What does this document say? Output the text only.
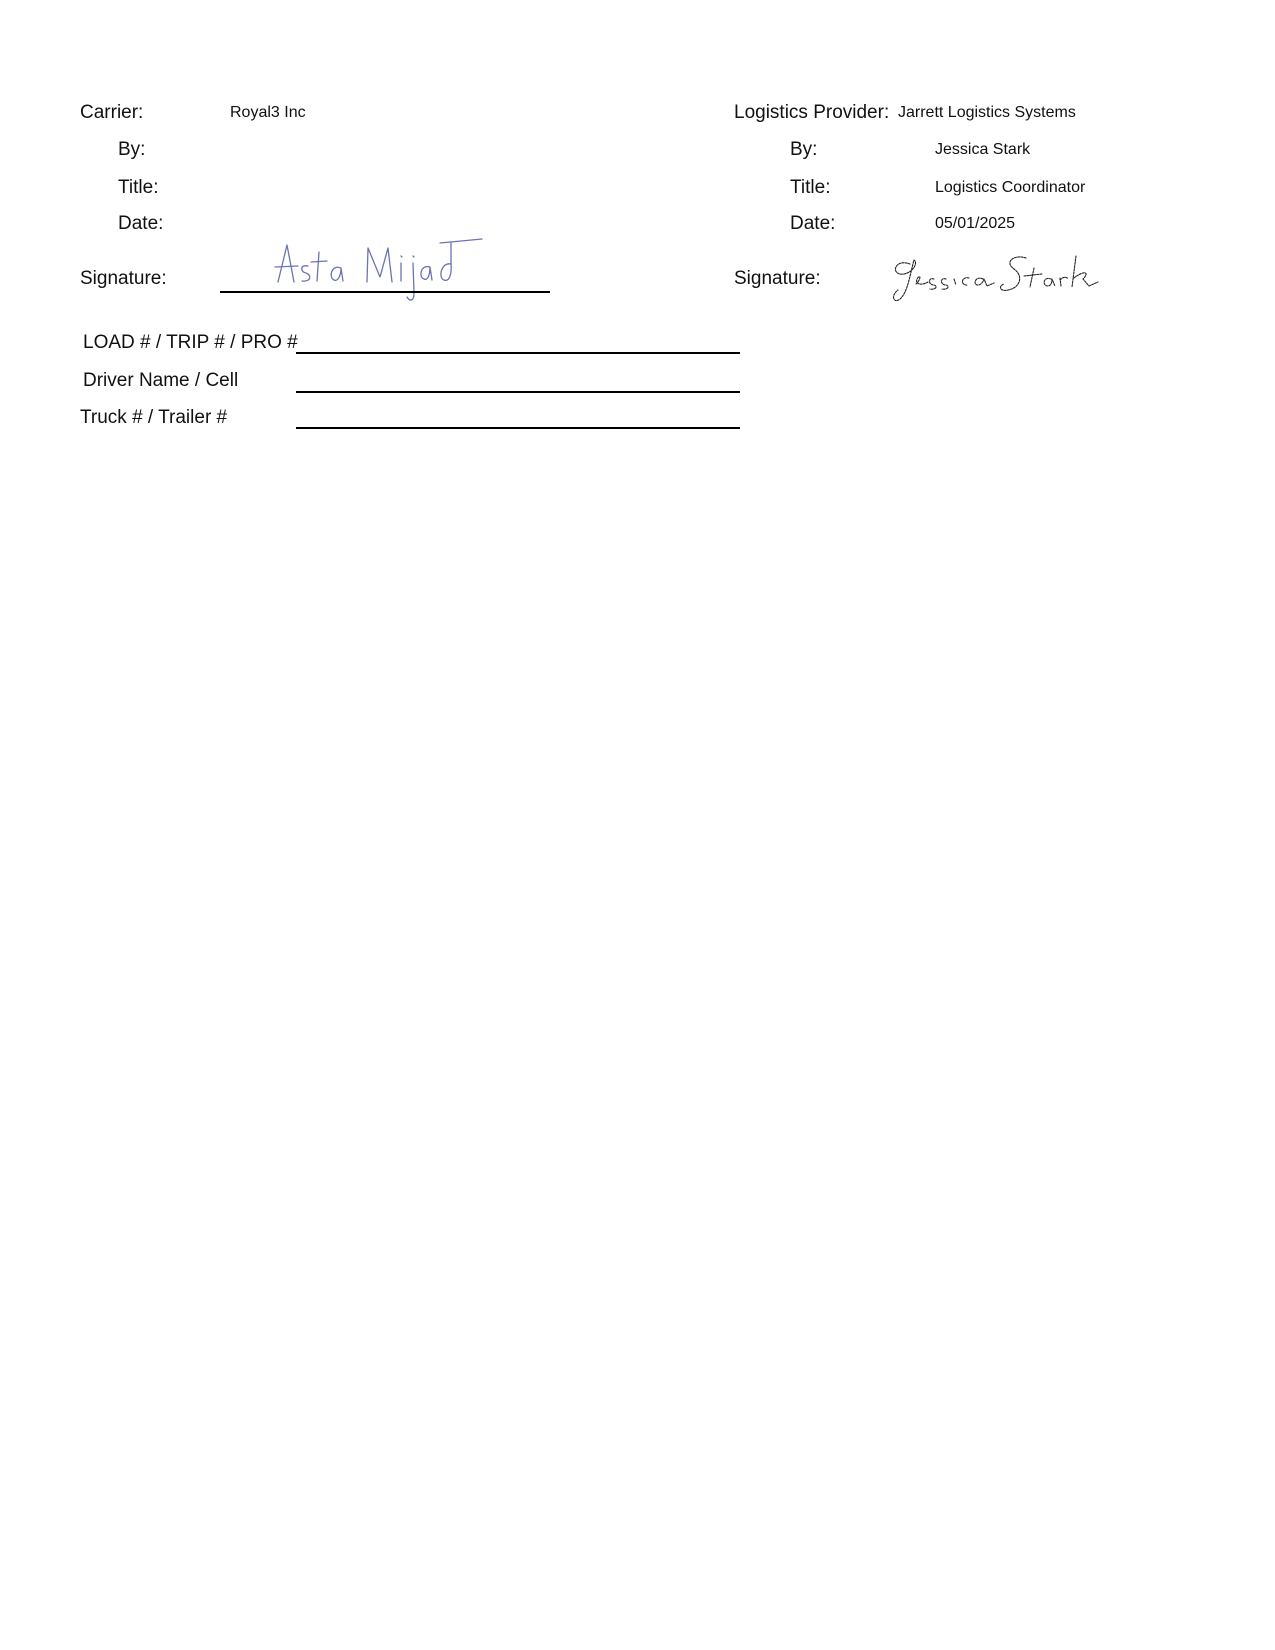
Carrier:	Royal3 Inc
By:
Title:
Date:
Signature:
Logistics Provider: Jarrett Logistics Systems
By:	Jessica Stark
Title:	Logistics Coordinator
Date:	05/01/2025
Signature:
LOAD # / TRIP # / PRO #
Driver Name / Cell
Truck # / Trailer #
